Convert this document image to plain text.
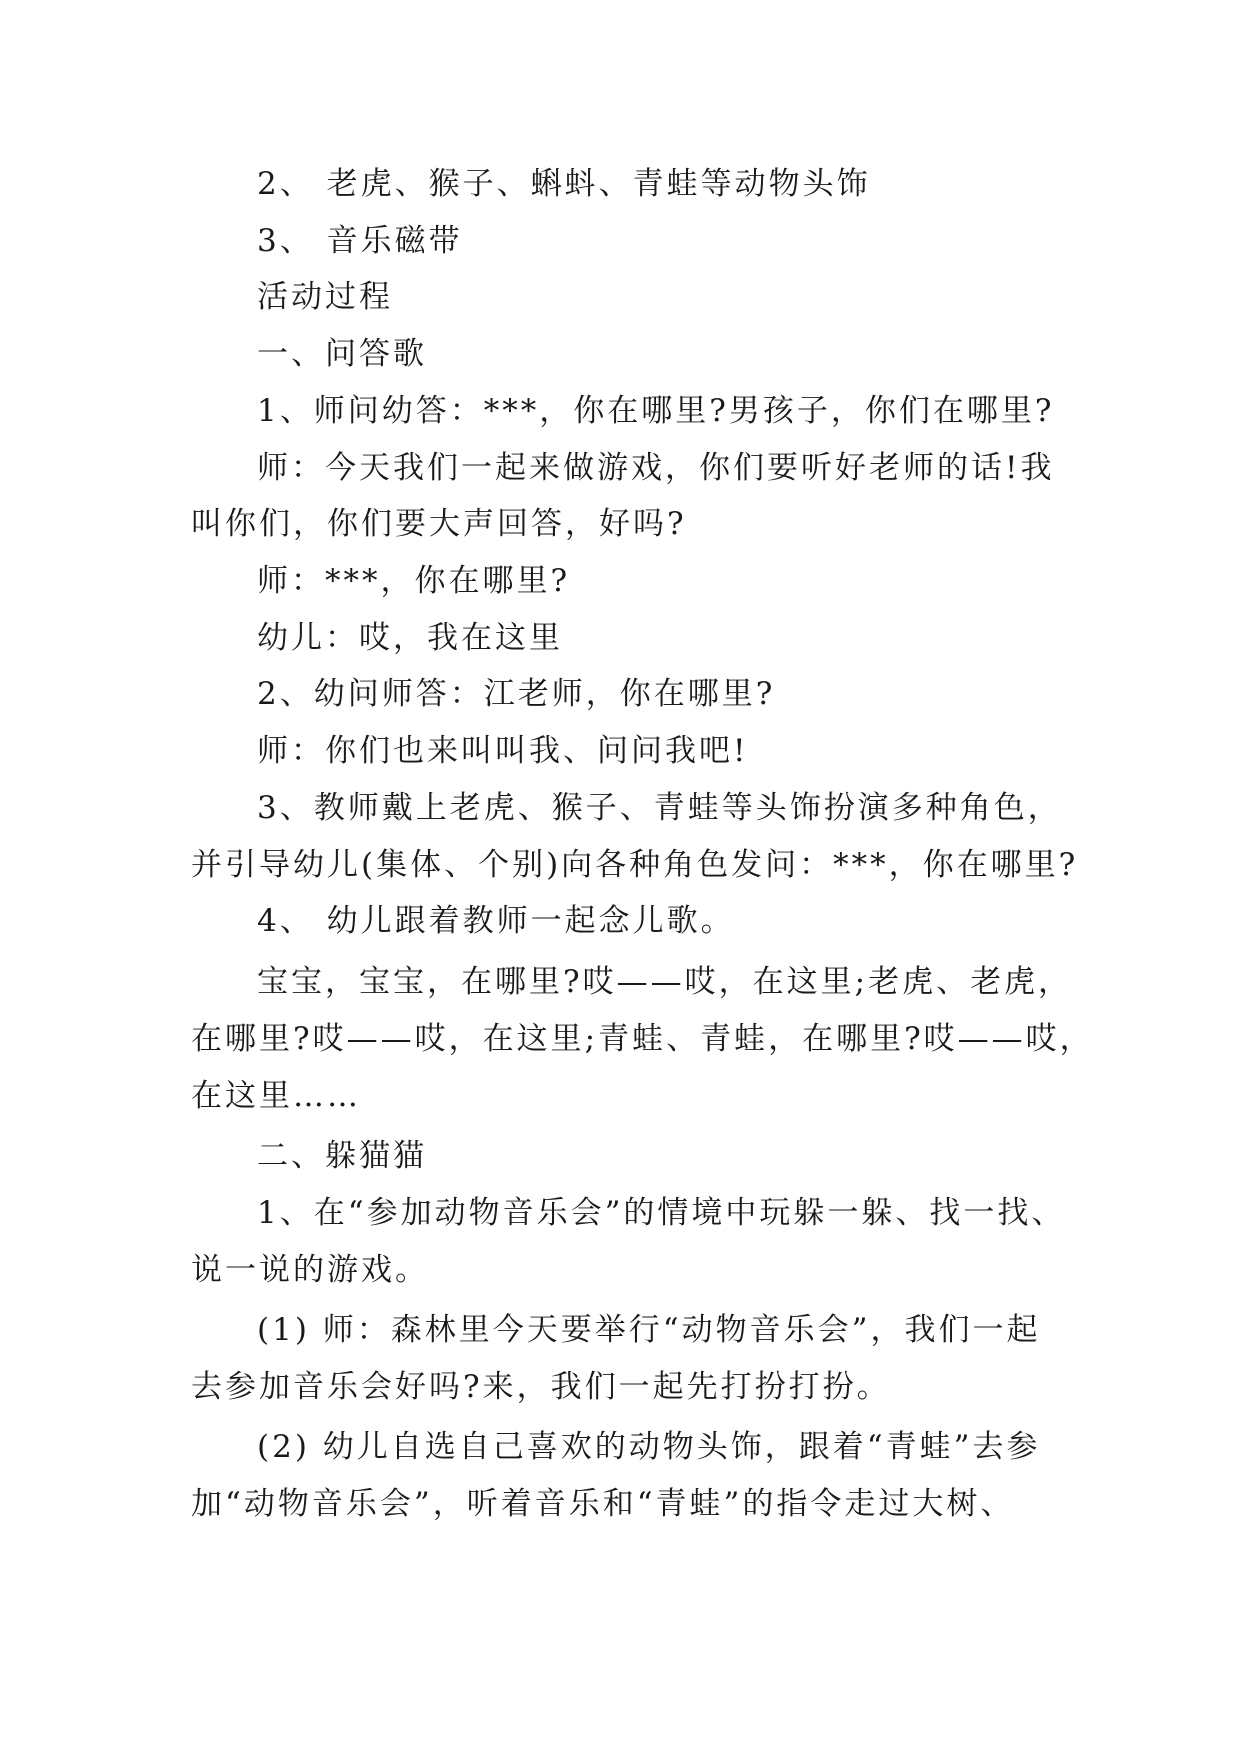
2、 老虎、猴子、蝌蚪、青蛙等动物头饰
3、 音乐磁带
活动过程
一、问答歌
1、师问幼答：***，你在哪里?男孩子，你们在哪里?
师：今天我们一起来做游戏，你们要听好老师的话!我
叫你们，你们要大声回答，好吗?
师：***，你在哪里?
幼儿：哎，我在这里
2、幼问师答：江老师，你在哪里?
师：你们也来叫叫我、问问我吧!
3、教师戴上老虎、猴子、青蛙等头饰扮演多种角色，
并引导幼儿(集体、个别)向各种角色发问：***，你在哪里?
4、 幼儿跟着教师一起念儿歌。
宝宝，宝宝，在哪里?哎——哎，在这里;老虎、老虎，
在哪里?哎——哎，在这里;青蛙、青蛙，在哪里?哎——哎，
在这里……
二、躲猫猫
1、在“参加动物音乐会”的情境中玩躲一躲、找一找、
说一说的游戏。
(1) 师：森林里今天要举行“动物音乐会”，我们一起
去参加音乐会好吗?来，我们一起先打扮打扮。
(2) 幼儿自选自己喜欢的动物头饰，跟着“青蛙”去参
加“动物音乐会”，听着音乐和“青蛙”的指令走过大树、
